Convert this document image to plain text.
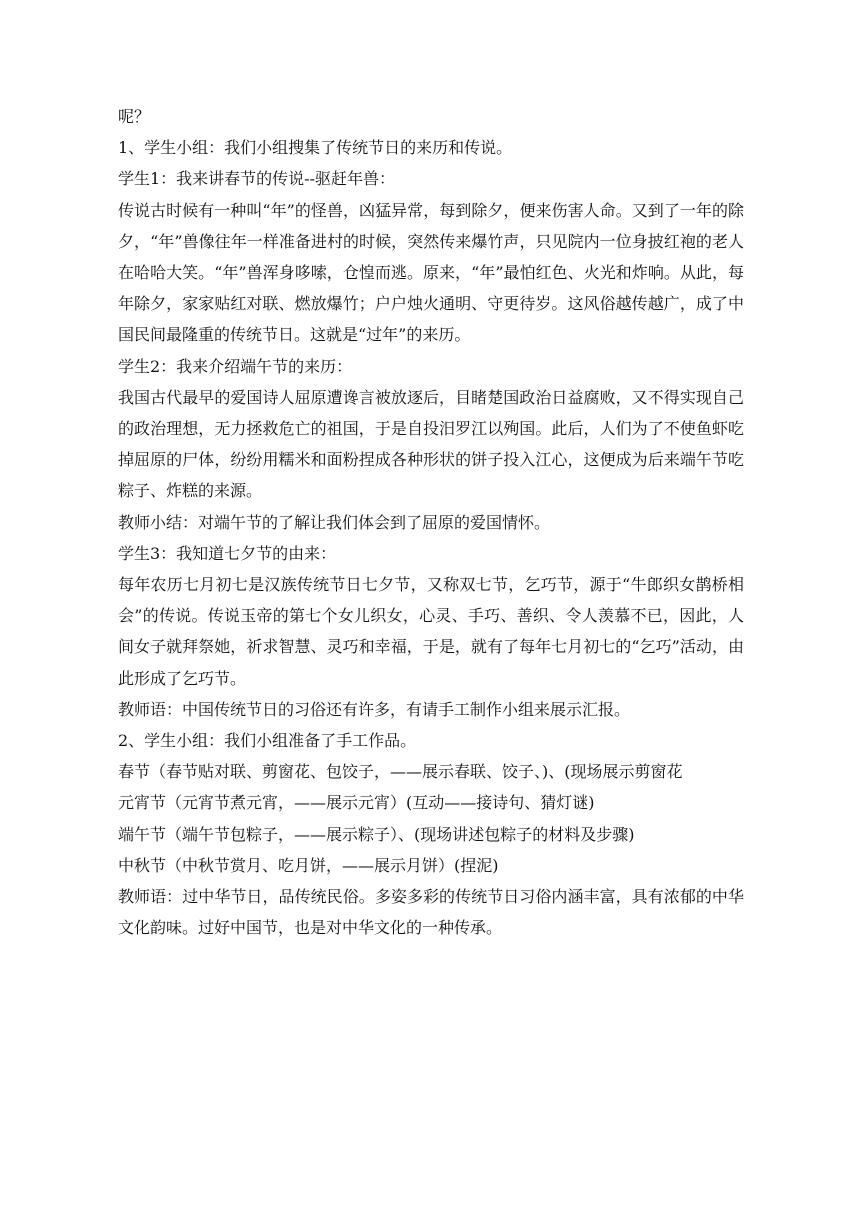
呢？

1、学生小组：我们小组搜集了传统节日的来历和传说。

学生1：我来讲春节的传说--驱赶年兽：

传说古时候有一种叫“年”的怪兽，凶猛异常，每到除夕，便来伤害人命。又到了一年的除夕，“年”兽像往年一样准备进村的时候，突然传来爆竹声，只见院内一位身披红袍的老人在哈哈大笑。“年”兽浑身哆嗦，仓惶而逃。原来，“年”最怕红色、火光和炸响。从此，每年除夕，家家贴红对联、燃放爆竹；户户烛火通明、守更待岁。这风俗越传越广，成了中国民间最隆重的传统节日。这就是“过年”的来历。

学生2：我来介绍端午节的来历：

我国古代最早的爱国诗人屈原遭谗言被放逐后，目睹楚国政治日益腐败，又不得实现自己的政治理想，无力拯救危亡的祖国，于是自投汨罗江以殉国。此后，人们为了不使鱼虾吃掉屈原的尸体，纷纷用糯米和面粉捏成各种形状的饼子投入江心，这便成为后来端午节吃粽子、炸糕的来源。

教师小结：对端午节的了解让我们体会到了屈原的爱国情怀。

学生3：我知道七夕节的由来：

每年农历七月初七是汉族传统节日七夕节，又称双七节，乞巧节，源于“牛郎织女鹊桥相会”的传说。传说玉帝的第七个女儿织女，心灵、手巧、善织、令人羡慕不已，因此，人间女子就拜祭她，祈求智慧、灵巧和幸福，于是，就有了每年七月初七的“乞巧”活动，由此形成了乞巧节。

教师语：中国传统节日的习俗还有许多，有请手工制作小组来展示汇报。

2、学生小组：我们小组准备了手工作品。

春节（春节贴对联、剪窗花、包饺子，——展示春联、饺子、)、(现场展示剪窗花

元宵节（元宵节煮元宵，——展示元宵）(互动——接诗句、猜灯谜)

端午节（端午节包粽子，——展示粽子）、(现场讲述包粽子的材料及步骤)

中秋节（中秋节赏月、吃月饼，——展示月饼）(捏泥)

教师语：过中华节日，品传统民俗。多姿多彩的传统节日习俗内涵丰富，具有浓郁的中华文化韵味。过好中国节，也是对中华文化的一种传承。
